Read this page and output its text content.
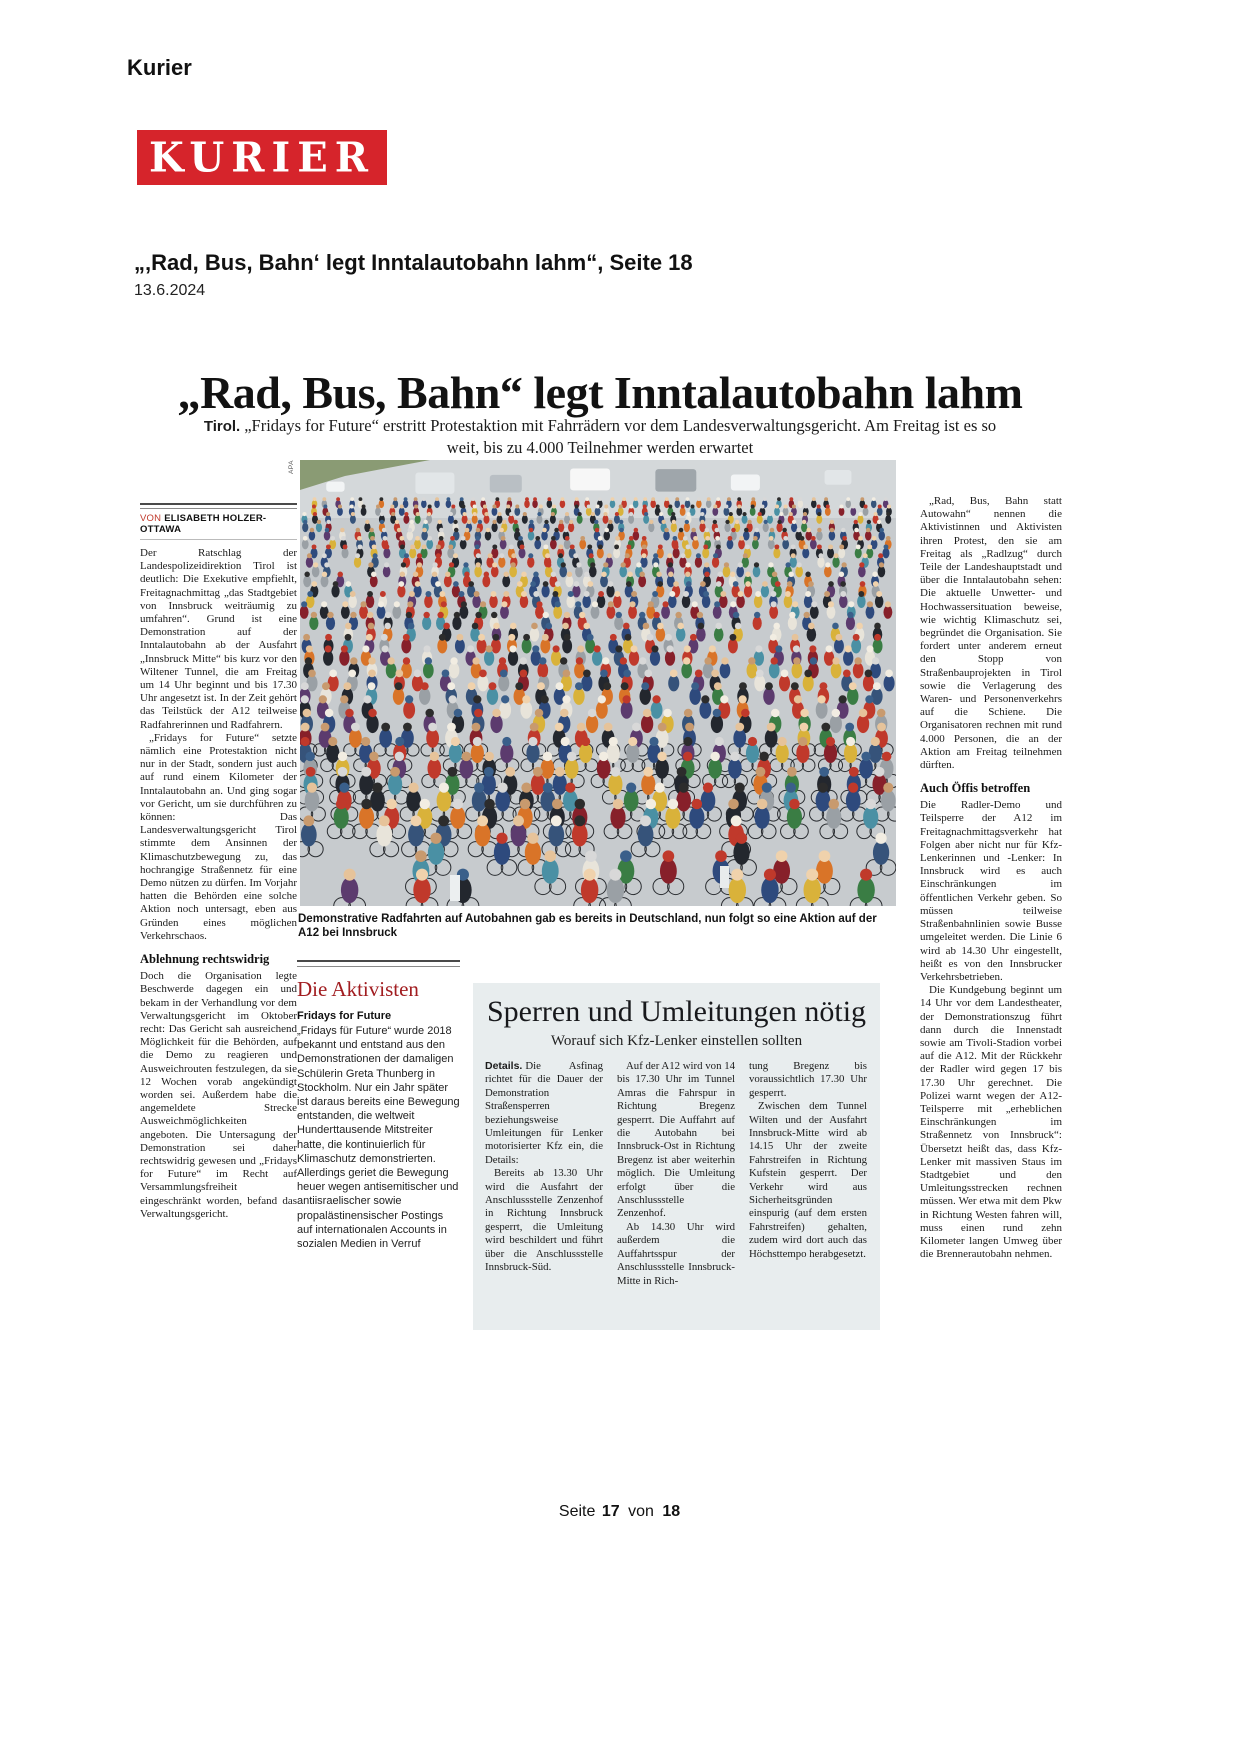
Kurier
KURIER
„‚Rad, Bus, Bahn‘ legt Inntalautobahn lahm“, Seite 18
13.6.2024
„Rad, Bus, Bahn“ legt Inntalautobahn lahm

Tirol. „Fridays for Future“ erstritt Protestaktion mit Fahrrädern vor dem Landesverwaltungsgericht. Am Freitag ist es so weit, bis zu 4.000 Teilnehmer werden erwartet

VON ELISABETH HOLZER-OTTAWA

Der Ratschlag der Landespolizeidirektion Tirol ist deutlich: Die Exekutive empfiehlt, Freitagnachmittag „das Stadtgebiet von Innsbruck weiträumig zu umfahren“. Grund ist eine Demonstration auf der Inntalautobahn ab der Ausfahrt „Innsbruck Mitte“ bis kurz vor den Wiltener Tunnel, die am Freitag um 14 Uhr beginnt und bis 17.30 Uhr angesetzt ist. In der Zeit gehört das Teilstück der A12 teilweise Radfahrerinnen und Radfahrern.

„Fridays for Future“ setzte nämlich eine Protestaktion nicht nur in der Stadt, sondern just auch auf rund einem Kilometer der Inntalautobahn an. Und ging sogar vor Gericht, um sie durchführen zu können: Das Landesverwaltungsgericht Tirol stimmte dem Ansinnen der Klimaschutzbewegung zu, das hochrangige Straßennetz für eine Demo nützen zu dürfen. Im Vorjahr hatten die Behörden eine solche Aktion noch untersagt, eben aus Gründen eines möglichen Verkehrschaos.

Ablehnung rechtswidrig

Doch die Organisation legte Beschwerde dagegen ein und bekam in der Verhandlung vor dem Verwaltungsgericht im Oktober recht: Das Gericht sah ausreichend Möglichkeit für die Behörden, auf die Demo zu reagieren und Ausweichrouten festzulegen, da sie 12 Wochen vorab angekündigt worden sei. Außerdem habe die angemeldete Strecke Ausweichmöglichkeiten angeboten. Die Untersagung der Demonstration sei daher rechtswidrig gewesen und „Fridays for Future“ im Recht auf Versammlungsfreiheit eingeschränkt worden, befand das Verwaltungsgericht.

APA
Demonstrative Radfahrten auf Autobahnen gab es bereits in Deutschland, nun folgt so eine Aktion auf der A12 bei Innsbruck
Die Aktivisten
Fridays for Future
„Fridays für Future“ wurde 2018 bekannt und entstand aus den Demonstrationen der damaligen Schülerin Greta Thunberg in Stockholm. Nur ein Jahr später ist daraus bereits eine Bewegung entstanden, die weltweit Hunderttausende Mitstreiter hatte, die kontinuierlich für Klimaschutz demonstrierten. Allerdings geriet die Bewegung heuer wegen antisemitischer und antiisraelischer sowie propalästinensischer Postings auf internationalen Accounts in sozialen Medien in Verruf
Sperren und Umleitungen nötig
Worauf sich Kfz-Lenker einstellen sollten

Details. Die Asfinag richtet für die Dauer der Demonstration Straßensperren beziehungsweise Umleitungen für Lenker motorisierter Kfz ein, die Details:

Bereits ab 13.30 Uhr wird die Ausfahrt der Anschlussstelle Zenzenhof in Richtung Innsbruck gesperrt, die Umleitung wird beschildert und führt über die Anschlussstelle Innsbruck-Süd.

Auf der A12 wird von 14 bis 17.30 Uhr im Tunnel Amras die Fahrspur in Richtung Bregenz gesperrt. Die Auffahrt auf die Autobahn bei Innsbruck-Ost in Richtung Bregenz ist aber weiterhin möglich. Die Umleitung erfolgt über die Anschlussstelle Zenzenhof.

Ab 14.30 Uhr wird außerdem die Auffahrtsspur der Anschlussstelle Innsbruck-Mitte in Rich-

tung Bregenz bis voraussichtlich 17.30 Uhr gesperrt.

Zwischen dem Tunnel Wilten und der Ausfahrt Innsbruck-Mitte wird ab 14.15 Uhr der zweite Fahrstreifen in Richtung Kufstein gesperrt. Der Verkehr wird aus Sicherheitsgründen einspurig (auf dem ersten Fahrstreifen) gehalten, zudem wird dort auch das Höchsttempo herabgesetzt.

„Rad, Bus, Bahn statt Autowahn“ nennen die Aktivistinnen und Aktivisten ihren Protest, den sie am Freitag als „Radlzug“ durch Teile der Landeshauptstadt und über die Inntalautobahn sehen: Die aktuelle Unwetter- und Hochwassersituation beweise, wie wichtig Klimaschutz sei, begründet die Organisation. Sie fordert unter anderem erneut den Stopp von Straßenbauprojekten in Tirol sowie die Verlagerung des Waren- und Personenverkehrs auf die Schiene. Die Organisatoren rechnen mit rund 4.000 Personen, die an der Aktion am Freitag teilnehmen dürften.

Auch Öffis betroffen

Die Radler-Demo und Teilsperre der A12 im Freitagnachmittagsverkehr hat Folgen aber nicht nur für Kfz-Lenkerinnen und -Lenker: In Innsbruck wird es auch Einschränkungen im öffentlichen Verkehr geben. So müssen teilweise Straßenbahnlinien sowie Busse umgeleitet werden. Die Linie 6 wird ab 14.30 Uhr eingestellt, heißt es von den Innsbrucker Verkehrsbetrieben.

Die Kundgebung beginnt um 14 Uhr vor dem Landestheater, der Demonstrationszug führt dann durch die Innenstadt sowie am Tivoli-Stadion vorbei auf die A12. Mit der Rückkehr der Radler wird gegen 17 bis 17.30 Uhr gerechnet. Die Polizei warnt wegen der A12-Teilsperre mit „erheblichen Einschränkungen im Straßennetz von Innsbruck“: Übersetzt heißt das, dass Kfz-Lenker mit massiven Staus im Stadtgebiet und den Umleitungsstrecken rechnen müssen. Wer etwa mit dem Pkw in Richtung Westen fahren will, muss einen rund zehn Kilometer langen Umweg über die Brennerautobahn nehmen.

Seite 17 von 18
